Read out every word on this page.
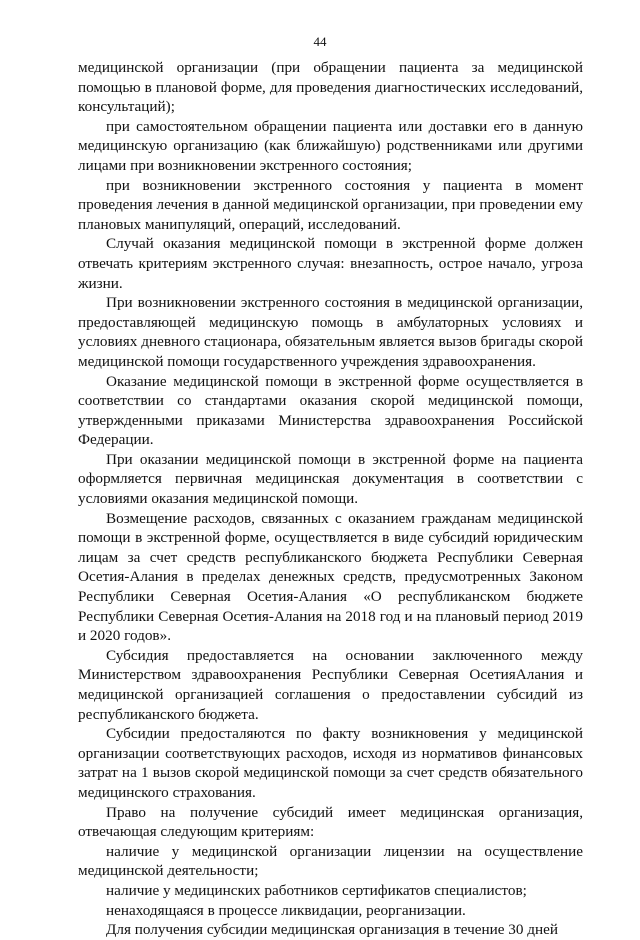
44

медицинской организации (при обращении пациента за медицинской помощью в плановой форме, для проведения диагностических исследований, консультаций);

при самостоятельном обращении пациента или доставки его в данную медицинскую организацию (как ближайшую) родственниками или другими лицами при возникновении экстренного состояния;

при возникновении экстренного состояния у пациента в момент проведения лечения в данной медицинской организации, при проведении ему плановых манипуляций, операций, исследований.

Случай оказания медицинской помощи в экстренной форме должен отвечать критериям экстренного случая: внезапность, острое начало, угроза жизни.

При возникновении экстренного состояния в медицинской организации, предоставляющей медицинскую помощь в амбулаторных условиях и условиях дневного стационара, обязательным является вызов бригады скорой медицинской помощи государственного учреждения здравоохранения.

Оказание медицинской помощи в экстренной форме осуществляется в соответствии со стандартами оказания скорой медицинской помощи, утвержденными приказами Министерства здравоохранения Российской Федерации.

При оказании медицинской помощи в экстренной форме на пациента оформляется первичная медицинская документация в соответствии с условиями оказания медицинской помощи.

Возмещение расходов, связанных с оказанием гражданам медицинской помощи в экстренной форме, осуществляется в виде субсидий юридическим лицам за счет средств республиканского бюджета Республики Северная Осетия-Алания в пределах денежных средств, предусмотренных Законом Республики Северная Осетия-Алания «О республиканском бюджете Республики Северная Осетия-Алания на 2018 год и на плановый период 2019 и 2020 годов».

Субсидия предоставляется на основании заключенного между Министерством здравоохранения Республики Северная ОсетияАлания и медицинской организацией соглашения о предоставлении субсидий из республиканского бюджета.

Субсидии предосталяются по факту возникновения у медицинской организации соответствующих расходов, исходя из нормативов финансовых затрат на 1 вызов скорой медицинской помощи за счет средств обязательного медицинского страхования.

Право на получение субсидий имеет медицинская организация, отвечающая следующим критериям:

наличие у медицинской организации лицензии на осуществление медицинской деятельности;

наличие у медицинских работников сертификатов специалистов;

ненаходящаяся в процессе ликвидации, реорганизации.

Для получения субсидии медицинская организация в течение 30 дней
